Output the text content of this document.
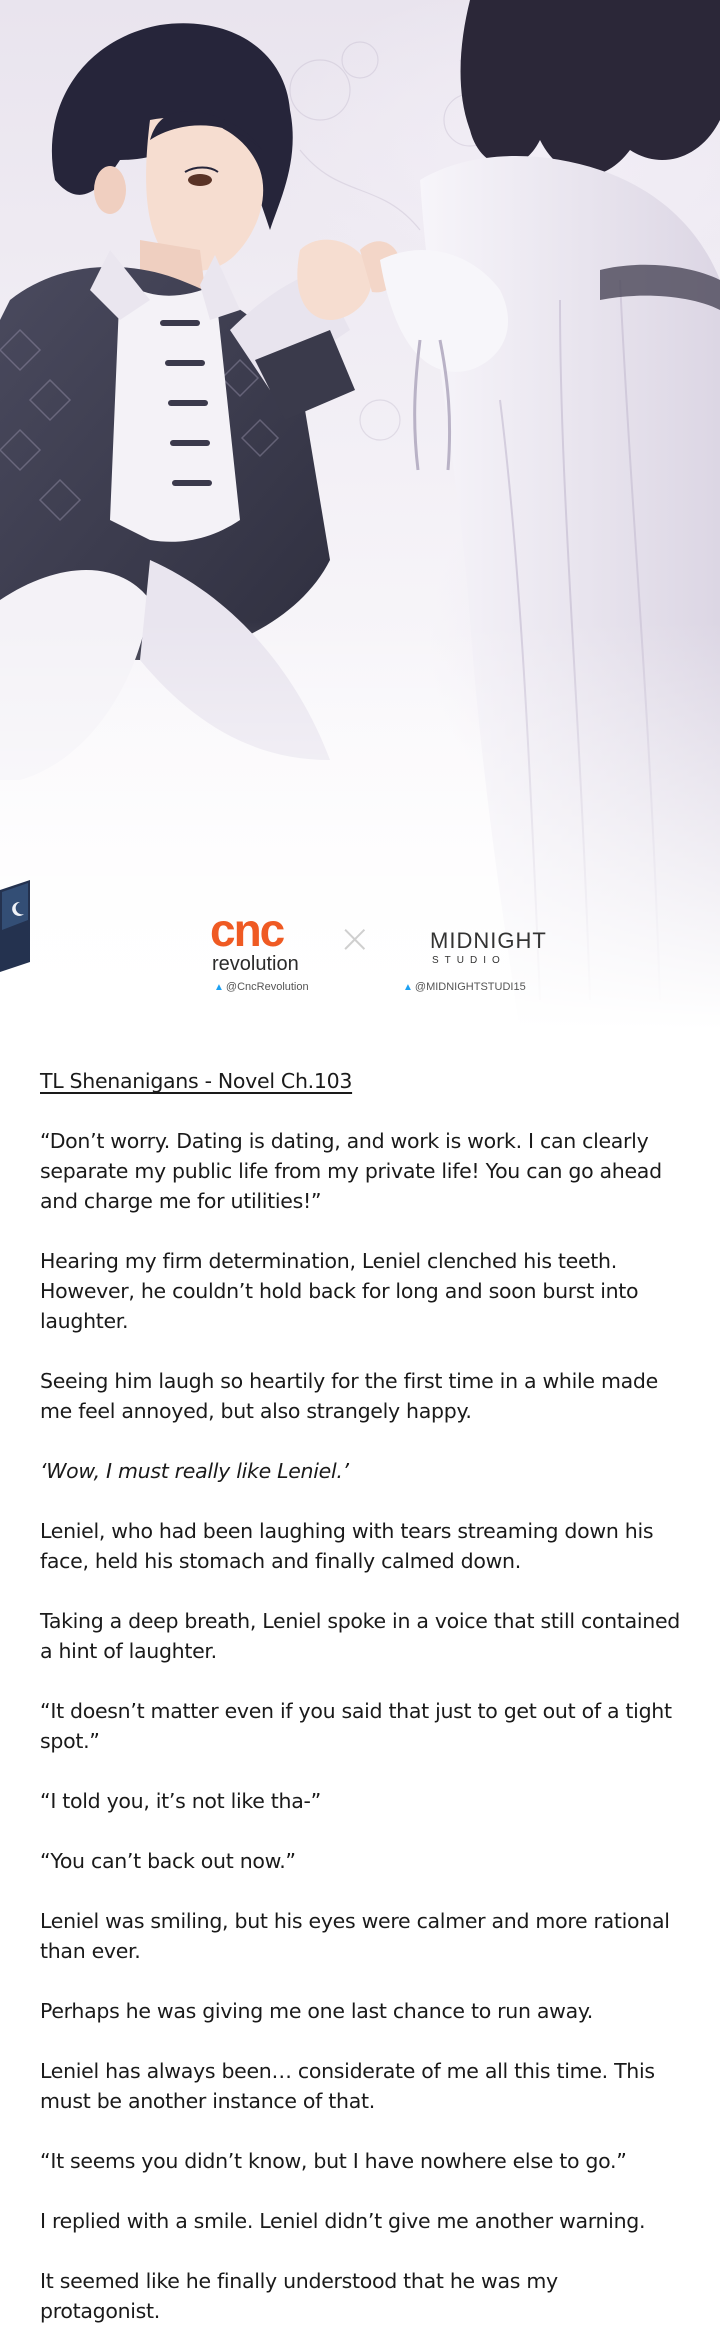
cnc
revolution
▲ @CncRevolution
×	MIDNIGHT
STUDIO
▲ @MIDNIGHTSTUDI15

TL Shenanigans - Novel Ch.103

“Don’t worry. Dating is dating, and work is work. I can clearly separate my public life from my private life! You can go ahead and charge me for utilities!”

Hearing my firm determination, Leniel clenched his teeth. However, he couldn’t hold back for long and soon burst into laughter.

Seeing him laugh so heartily for the first time in a while made me feel annoyed, but also strangely happy.

‘Wow, I must really like Leniel.’

Leniel, who had been laughing with tears streaming down his face, held his stomach and finally calmed down.

Taking a deep breath, Leniel spoke in a voice that still contained a hint of laughter.

“It doesn’t matter even if you said that just to get out of a tight spot.”

“I told you, it’s not like tha-”

“You can’t back out now.”

Leniel was smiling, but his eyes were calmer and more rational than ever.

Perhaps he was giving me one last chance to run away.

Leniel has always been… considerate of me all this time. This must be another instance of that.

“It seems you didn’t know, but I have nowhere else to go.”

I replied with a smile. Leniel didn’t give me another warning.

It seemed like he finally understood that he was my protagonist.
